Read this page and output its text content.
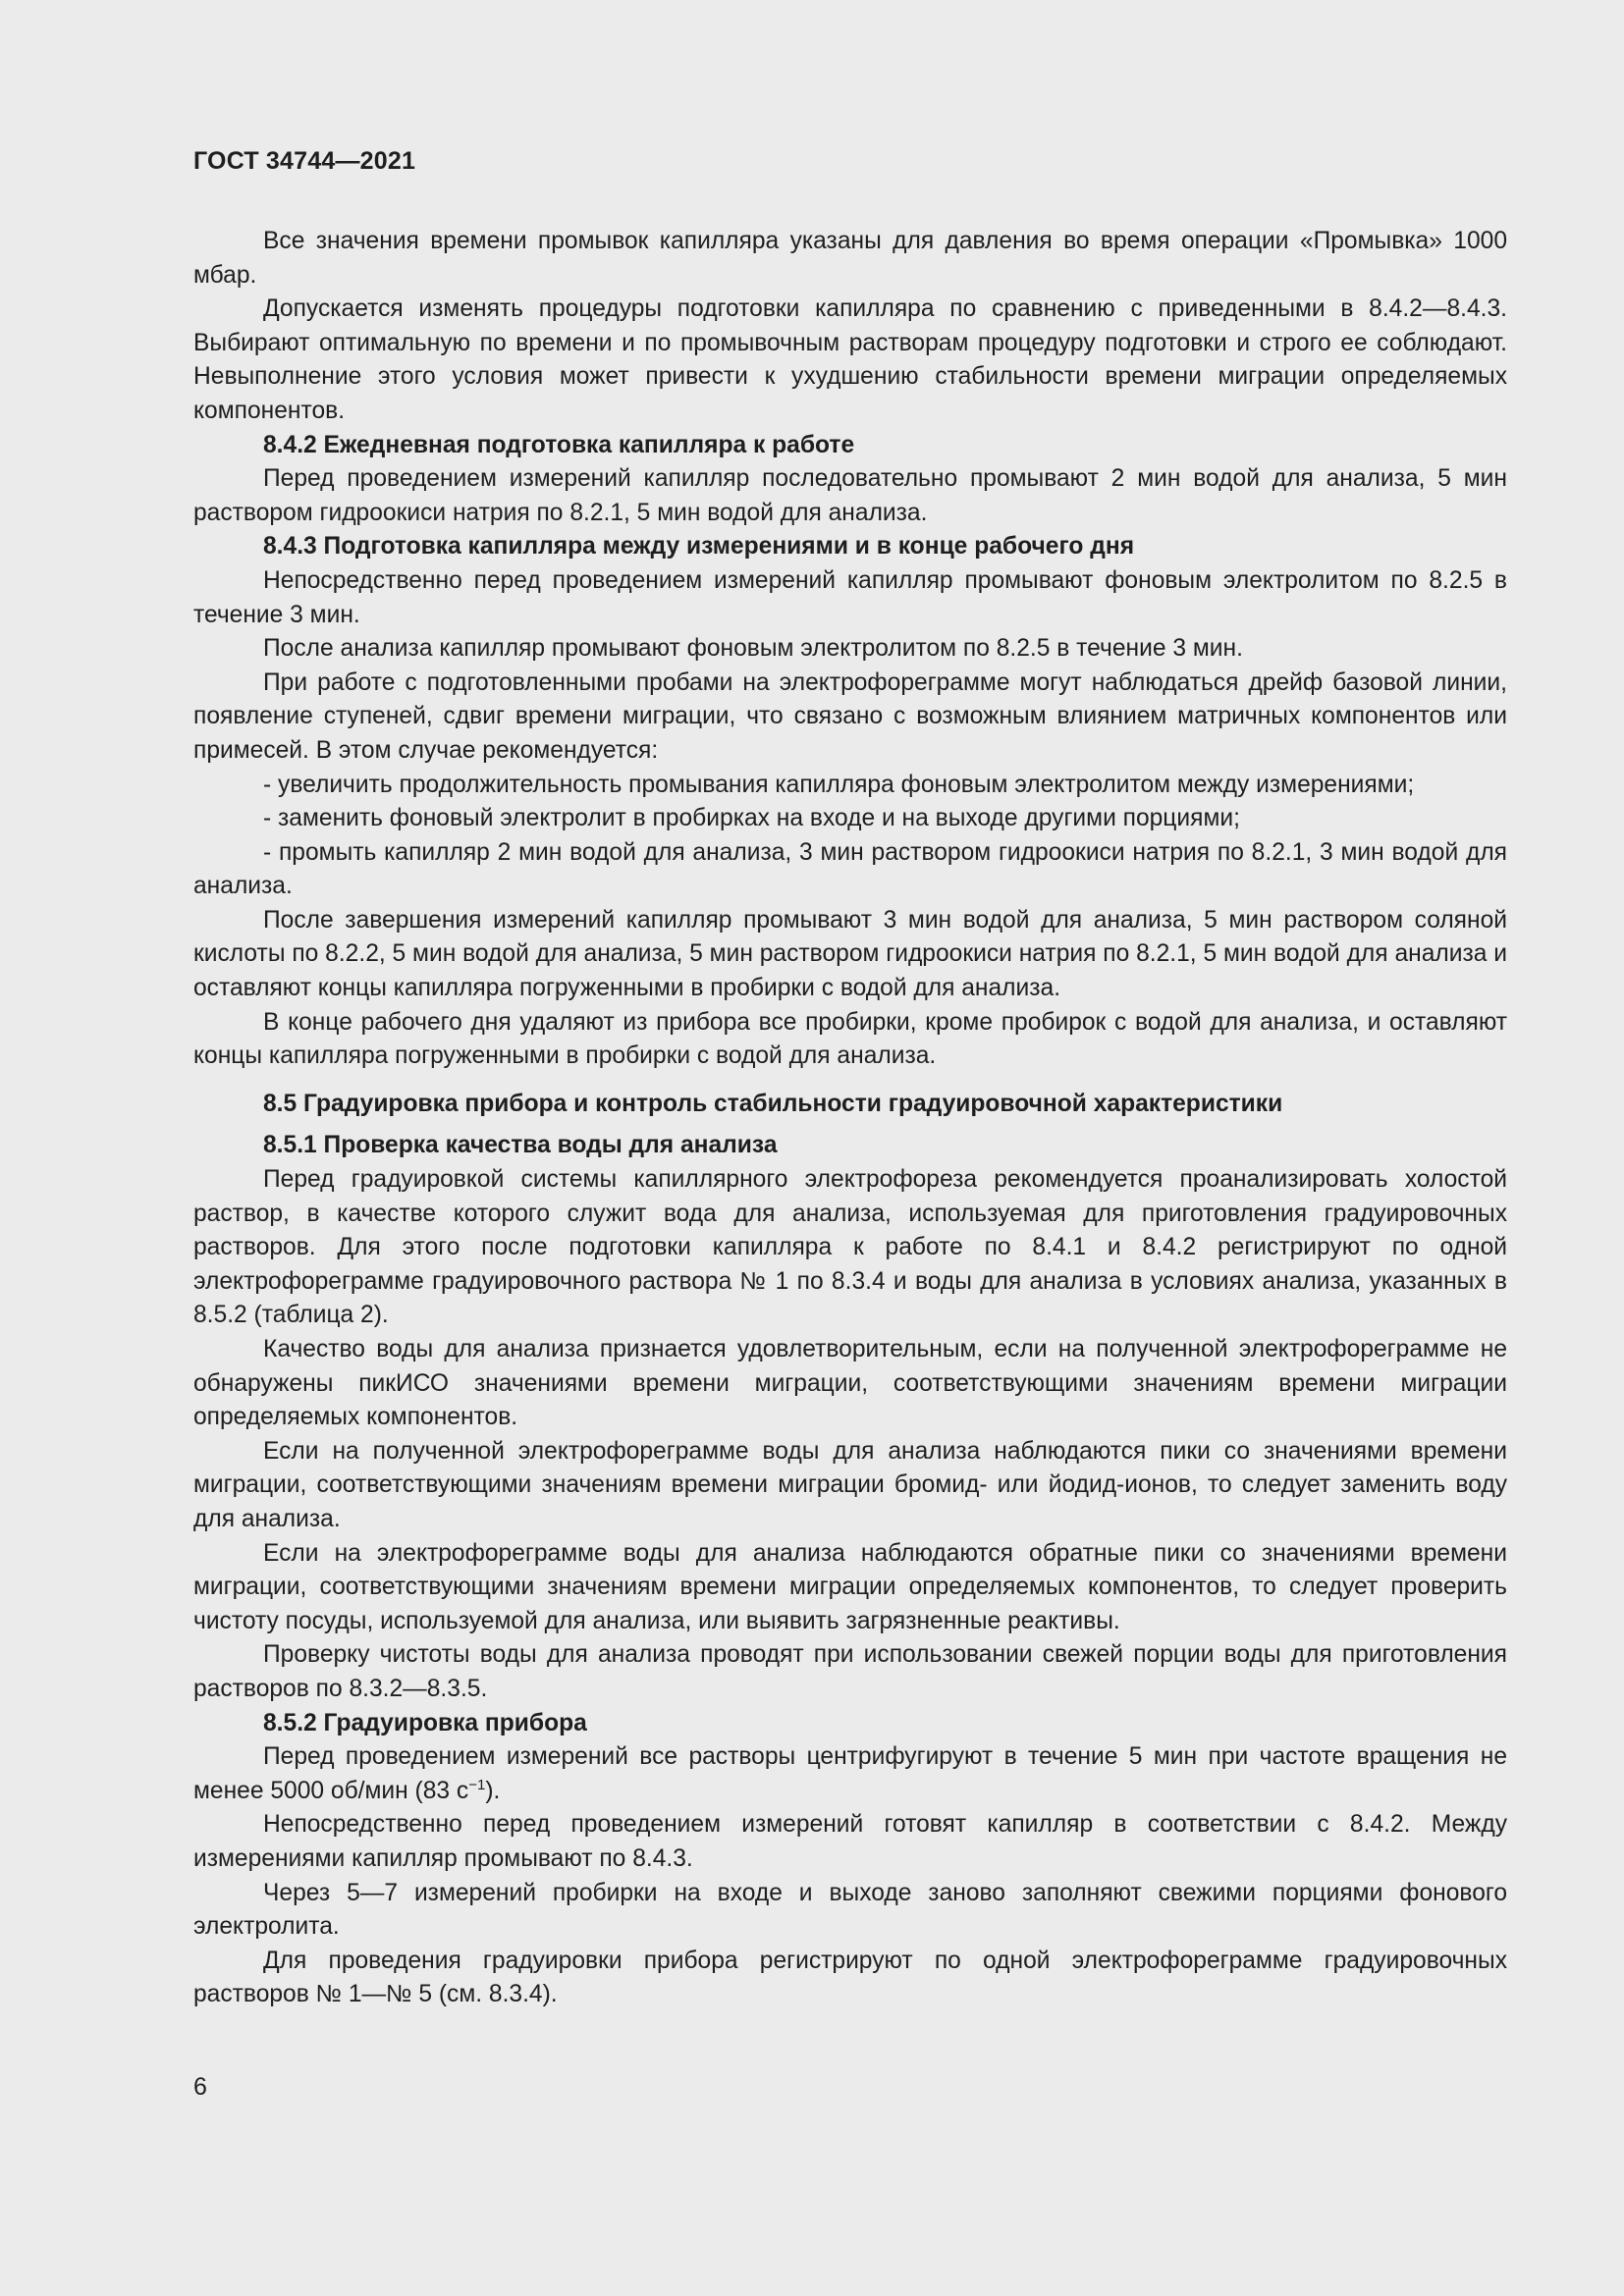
ГОСТ 34744—2021

Все значения времени промывок капилляра указаны для давления во время операции «Промывка» 1000 мбар.

Допускается изменять процедуры подготовки капилляра по сравнению с приведенными в 8.4.2—8.4.3. Выбирают оптимальную по времени и по промывочным растворам процедуру подготовки и строго ее соблюдают. Невыполнение этого условия может привести к ухудшению стабильности времени миграции определяемых компонентов.

8.4.2 Ежедневная подготовка капилляра к работе

Перед проведением измерений капилляр последовательно промывают 2 мин водой для анализа, 5 мин раствором гидроокиси натрия по 8.2.1, 5 мин водой для анализа.

8.4.3 Подготовка капилляра между измерениями и в конце рабочего дня

Непосредственно перед проведением измерений капилляр промывают фоновым электролитом по 8.2.5 в течение 3 мин.

После анализа капилляр промывают фоновым электролитом по 8.2.5 в течение 3 мин.

При работе с подготовленными пробами на электрофореграмме могут наблюдаться дрейф базовой линии, появление ступеней, сдвиг времени миграции, что связано с возможным влиянием матричных компонентов или примесей. В этом случае рекомендуется:

- увеличить продолжительность промывания капилляра фоновым электролитом между измерениями;

- заменить фоновый электролит в пробирках на входе и на выходе другими порциями;

- промыть капилляр 2 мин водой для анализа, 3 мин раствором гидроокиси натрия по 8.2.1, 3 мин водой для анализа.

После завершения измерений капилляр промывают 3 мин водой для анализа, 5 мин раствором соляной кислоты по 8.2.2, 5 мин водой для анализа, 5 мин раствором гидроокиси натрия по 8.2.1, 5 мин водой для анализа и оставляют концы капилляра погруженными в пробирки с водой для анализа.

В конце рабочего дня удаляют из прибора все пробирки, кроме пробирок с водой для анализа, и оставляют концы капилляра погруженными в пробирки с водой для анализа.

8.5 Градуировка прибора и контроль стабильности градуировочной характеристики

8.5.1 Проверка качества воды для анализа

Перед градуировкой системы капиллярного электрофореза рекомендуется проанализировать холостой раствор, в качестве которого служит вода для анализа, используемая для приготовления градуировочных растворов. Для этого после подготовки капилляра к работе по 8.4.1 и 8.4.2 регистрируют по одной электрофореграмме градуировочного раствора № 1 по 8.3.4 и воды для анализа в условиях анализа, указанных в 8.5.2 (таблица 2).

Качество воды для анализа признается удовлетворительным, если на полученной электрофореграмме не обнаружены пикИСО значениями времени миграции, соответствующими значениям времени миграции определяемых компонентов.

Если на полученной электрофореграмме воды для анализа наблюдаются пики со значениями времени миграции, соответствующими значениям времени миграции бромид- или йодид-ионов, то следует заменить воду для анализа.

Если на электрофореграмме воды для анализа наблюдаются обратные пики со значениями времени миграции, соответствующими значениям времени миграции определяемых компонентов, то следует проверить чистоту посуды, используемой для анализа, или выявить загрязненные реактивы.

Проверку чистоты воды для анализа проводят при использовании свежей порции воды для приготовления растворов по 8.3.2—8.3.5.

8.5.2 Градуировка прибора

Перед проведением измерений все растворы центрифугируют в течение 5 мин при частоте вращения не менее 5000 об/мин (83 $с^{-1}$).

Непосредственно перед проведением измерений готовят капилляр в соответствии с 8.4.2. Между измерениями капилляр промывают по 8.4.3.

Через 5—7 измерений пробирки на входе и выходе заново заполняют свежими порциями фонового электролита.

Для проведения градуировки прибора регистрируют по одной электрофореграмме градуировочных растворов № 1—№ 5 (см. 8.3.4).

6
